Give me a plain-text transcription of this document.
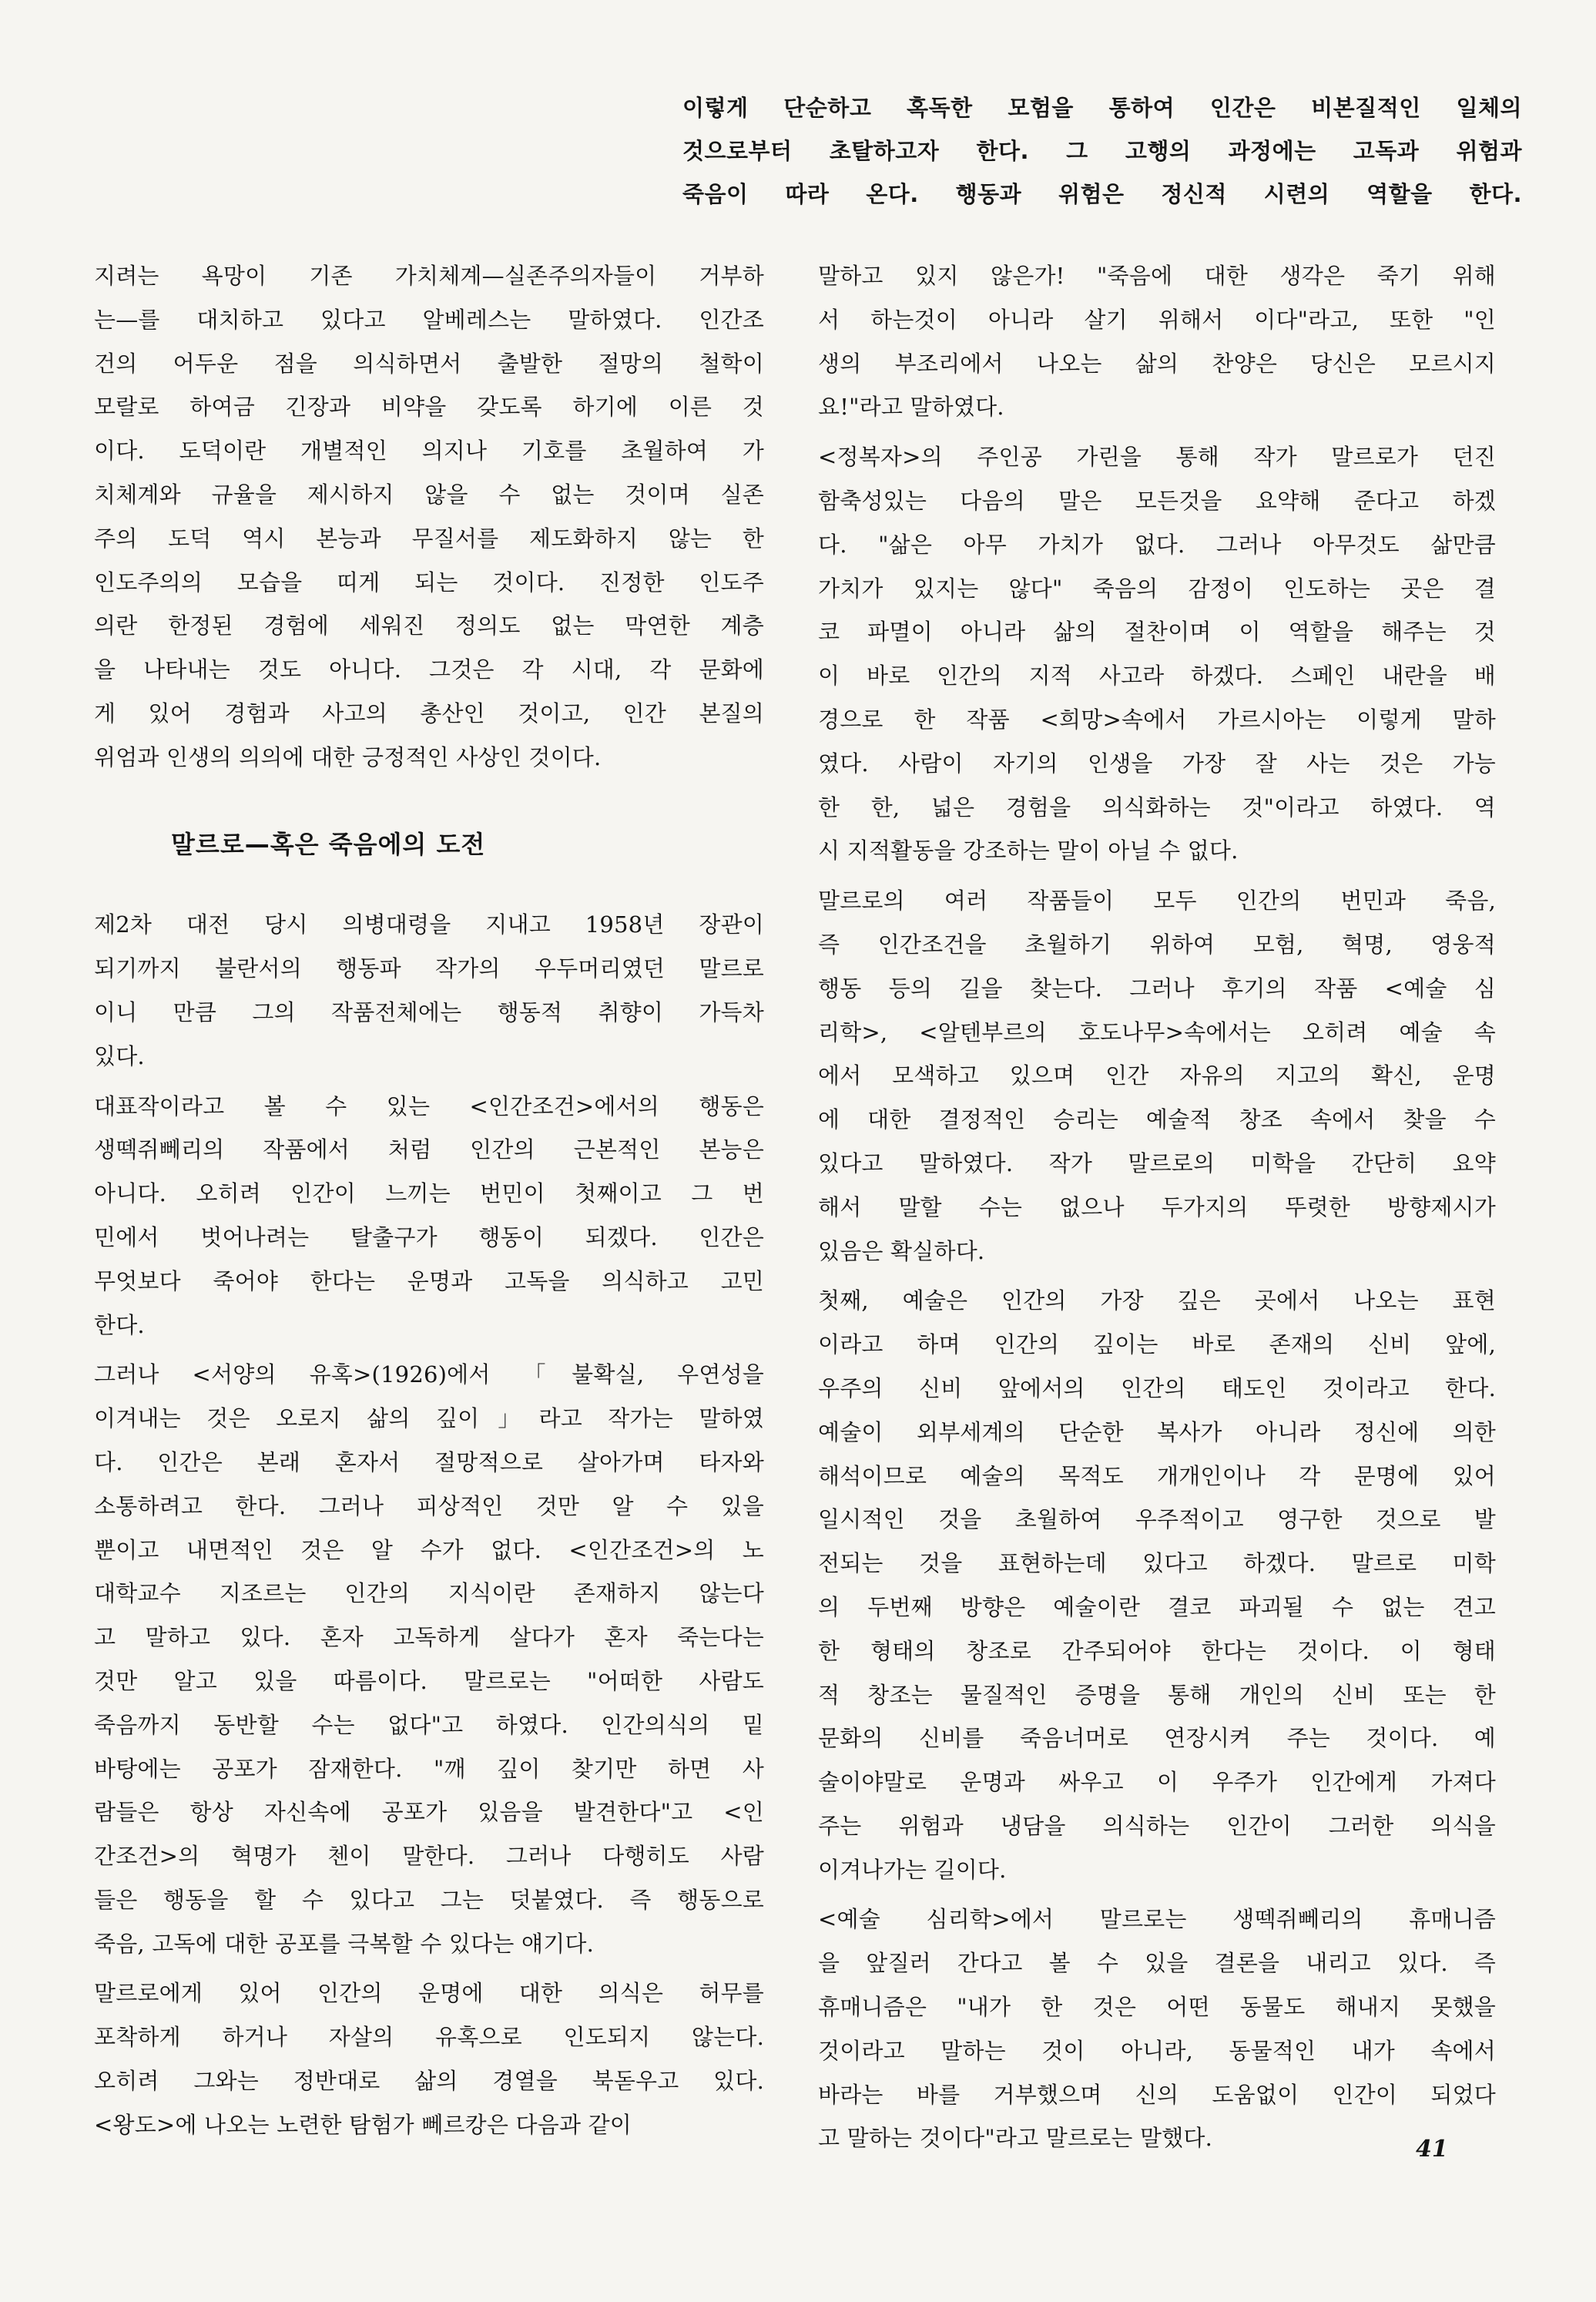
이렇게 단순하고 혹독한 모험을 통하여 인간은 비본질적인 일체의
것으로부터 초탈하고자 한다. 그 고행의 과정에는 고독과 위험과
죽음이 따라 온다. 행동과 위험은 정신적 시련의 역할을 한다.
지려는 욕망이 기존 가치체계—실존주의자들이 거부하
는—를 대치하고 있다고 알베레스는 말하였다. 인간조
건의 어두운 점을 의식하면서 출발한 절망의 철학이
모랄로 하여금 긴장과 비약을 갖도록 하기에 이른 것
이다. 도덕이란 개별적인 의지나 기호를 초월하여 가
치체계와 규율을 제시하지 않을 수 없는 것이며 실존
주의 도덕 역시 본능과 무질서를 제도화하지 않는 한
인도주의의 모습을 띠게 되는 것이다. 진정한 인도주
의란 한정된 경험에 세워진 정의도 없는 막연한 계층
을 나타내는 것도 아니다. 그것은 각 시대, 각 문화에
게 있어 경험과 사고의 총산인 것이고, 인간 본질의
위엄과 인생의 의의에 대한 긍정적인 사상인 것이다.
말르로—혹은 죽음에의 도전
제2차 대전 당시 의병대령을 지내고 1958년 장관이
되기까지 불란서의 행동파 작가의 우두머리였던 말르로
이니 만큼 그의 작품전체에는 행동적 취향이 가득차
있다.
대표작이라고 볼 수 있는 <인간조건>에서의 행동은
생떽쥐뻬리의 작품에서 처럼 인간의 근본적인 본능은
아니다. 오히려 인간이 느끼는 번민이 첫째이고 그 번
민에서 벗어나려는 탈출구가 행동이 되겠다. 인간은
무엇보다 죽어야 한다는 운명과 고독을 의식하고 고민
한다.
그러나 <서양의 유혹>(1926)에서 「불확실, 우연성을
이겨내는 것은 오로지 삶의 깊이」라고 작가는 말하였
다. 인간은 본래 혼자서 절망적으로 살아가며 타자와
소통하려고 한다. 그러나 피상적인 것만 알 수 있을
뿐이고 내면적인 것은 알 수가 없다. <인간조건>의 노
대학교수 지조르는 인간의 지식이란 존재하지 않는다
고 말하고 있다. 혼자 고독하게 살다가 혼자 죽는다는
것만 알고 있을 따름이다. 말르로는 "어떠한 사람도
죽음까지 동반할 수는 없다"고 하였다. 인간의식의 밑
바탕에는 공포가 잠재한다. "깨 깊이 찾기만 하면 사
람들은 항상 자신속에 공포가 있음을 발견한다"고 <인
간조건>의 혁명가 첸이 말한다. 그러나 다행히도 사람
들은 행동을 할 수 있다고 그는 덧붙였다. 즉 행동으로
죽음, 고독에 대한 공포를 극복할 수 있다는 얘기다.
말르로에게 있어 인간의 운명에 대한 의식은 허무를
포착하게 하거나 자살의 유혹으로 인도되지 않는다.
오히려 그와는 정반대로 삶의 경열을 북돋우고 있다.
<왕도>에 나오는 노련한 탐험가 뻬르캉은 다음과 같이
말하고 있지 않은가! "죽음에 대한 생각은 죽기 위해
서 하는것이 아니라 살기 위해서 이다"라고, 또한 "인
생의 부조리에서 나오는 삶의 찬양은 당신은 모르시지
요!"라고 말하였다.
<정복자>의 주인공 가린을 통해 작가 말르로가 던진
함축성있는 다음의 말은 모든것을 요약해 준다고 하겠
다. "삶은 아무 가치가 없다. 그러나 아무것도 삶만큼
가치가 있지는 않다" 죽음의 감정이 인도하는 곳은 결
코 파멸이 아니라 삶의 절찬이며 이 역할을 해주는 것
이 바로 인간의 지적 사고라 하겠다. 스페인 내란을 배
경으로 한 작품 <희망>속에서 가르시아는 이렇게 말하
였다. 사람이 자기의 인생을 가장 잘 사는 것은 가능
한 한, 넓은 경험을 의식화하는 것"이라고 하였다. 역
시 지적활동을 강조하는 말이 아닐 수 없다.
말르로의 여러 작품들이 모두 인간의 번민과 죽음,
즉 인간조건을 초월하기 위하여 모험, 혁명, 영웅적
행동 등의 길을 찾는다. 그러나 후기의 작품 <예술 심
리학>, <알텐부르의 호도나무>속에서는 오히려 예술 속
에서 모색하고 있으며 인간 자유의 지고의 확신, 운명
에 대한 결정적인 승리는 예술적 창조 속에서 찾을 수
있다고 말하였다. 작가 말르로의 미학을 간단히 요약
해서 말할 수는 없으나 두가지의 뚜렷한 방향제시가
있음은 확실하다.
첫째, 예술은 인간의 가장 깊은 곳에서 나오는 표현
이라고 하며 인간의 깊이는 바로 존재의 신비 앞에,
우주의 신비 앞에서의 인간의 태도인 것이라고 한다.
예술이 외부세계의 단순한 복사가 아니라 정신에 의한
해석이므로 예술의 목적도 개개인이나 각 문명에 있어
일시적인 것을 초월하여 우주적이고 영구한 것으로 발
전되는 것을 표현하는데 있다고 하겠다. 말르로 미학
의 두번째 방향은 예술이란 결코 파괴될 수 없는 견고
한 형태의 창조로 간주되어야 한다는 것이다. 이 형태
적 창조는 물질적인 증명을 통해 개인의 신비 또는 한
문화의 신비를 죽음너머로 연장시켜 주는 것이다. 예
술이야말로 운명과 싸우고 이 우주가 인간에게 가져다
주는 위험과 냉담을 의식하는 인간이 그러한 의식을
이겨나가는 길이다.
<예술 심리학>에서 말르로는 생떽쥐뻬리의 휴매니즘
을 앞질러 간다고 볼 수 있을 결론을 내리고 있다. 즉
휴매니즘은 "내가 한 것은 어떤 동물도 해내지 못했을
것이라고 말하는 것이 아니라, 동물적인 내가 속에서
바라는 바를 거부했으며 신의 도움없이 인간이 되었다
고 말하는 것이다"라고 말르로는 말했다.	41
